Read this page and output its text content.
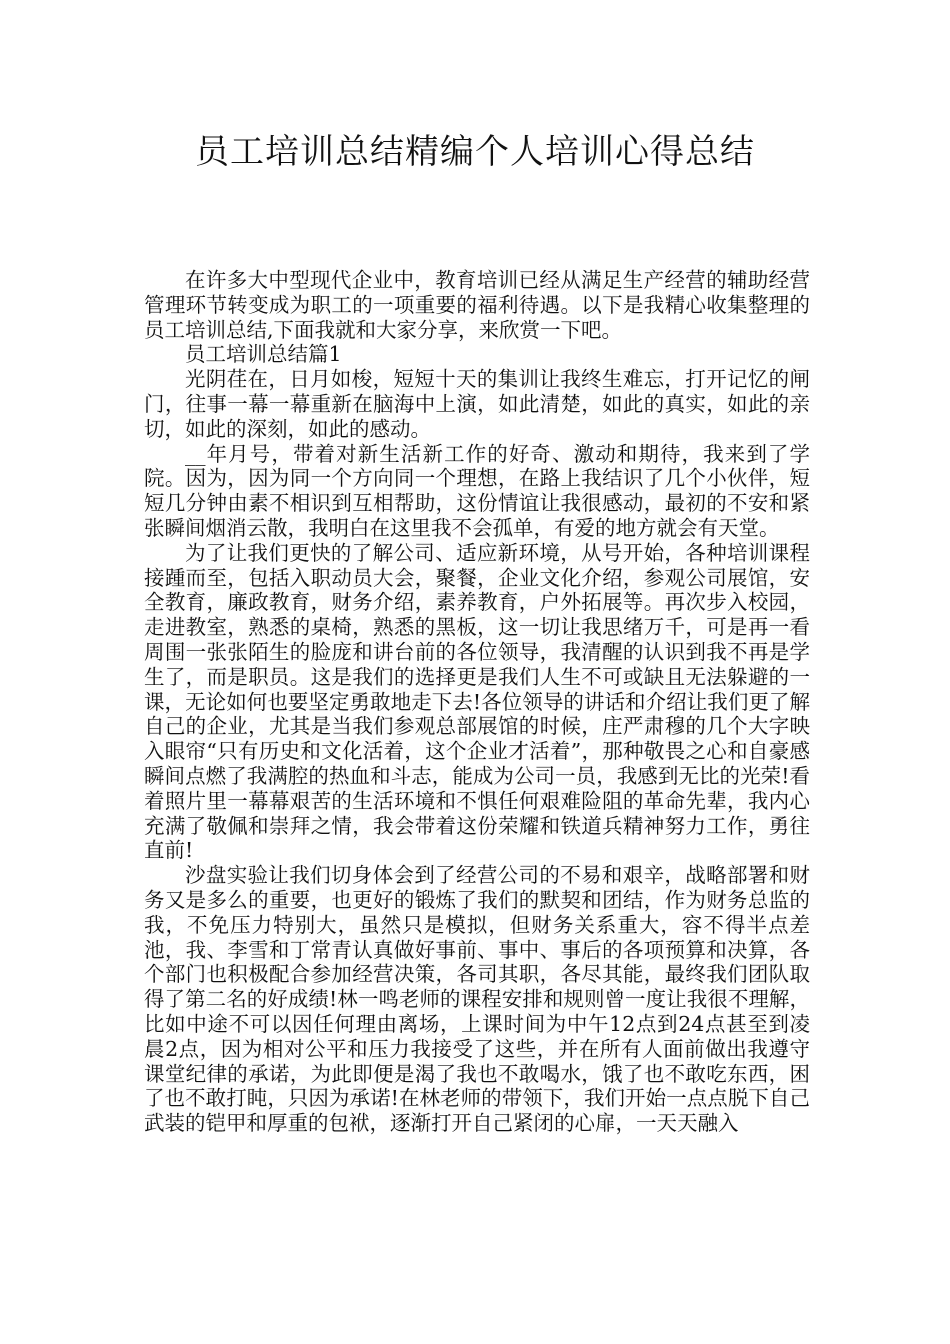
员工培训总结精编个人培训心得总结

在许多大中型现代企业中，教育培训已经从满足生产经营的辅助经营管理环节转变成为职工的一项重要的福利待遇。以下是我精心收集整理的员工培训总结,下面我就和大家分享，来欣赏一下吧。

员工培训总结篇1

光阴荏在，日月如梭，短短十天的集训让我终生难忘，打开记忆的闸门，往事一幕一幕重新在脑海中上演，如此清楚，如此的真实，如此的亲切，如此的深刻，如此的感动。

__年月号，带着对新生活新工作的好奇、激动和期待，我来到了学院。因为，因为同一个方向同一个理想，在路上我结识了几个小伙伴，短短几分钟由素不相识到互相帮助，这份情谊让我很感动，最初的不安和紧张瞬间烟消云散，我明白在这里我不会孤单，有爱的地方就会有天堂。

为了让我们更快的了解公司、适应新环境，从号开始，各种培训课程接踵而至，包括入职动员大会，聚餐，企业文化介绍，参观公司展馆，安全教育，廉政教育，财务介绍，素养教育，户外拓展等。再次步入校园，走进教室，熟悉的桌椅，熟悉的黑板，这一切让我思绪万千，可是再一看周围一张张陌生的脸庞和讲台前的各位领导，我清醒的认识到我不再是学生了，而是职员。这是我们的选择更是我们人生不可或缺且无法躲避的一课，无论如何也要坚定勇敢地走下去!各位领导的讲话和介绍让我们更了解自己的企业，尤其是当我们参观总部展馆的时候，庄严肃穆的几个大字映入眼帘“只有历史和文化活着，这个企业才活着”，那种敬畏之心和自豪感瞬间点燃了我满腔的热血和斗志，能成为公司一员，我感到无比的光荣!看着照片里一幕幕艰苦的生活环境和不惧任何艰难险阻的革命先辈，我内心充满了敬佩和崇拜之情，我会带着这份荣耀和铁道兵精神努力工作，勇往直前!

沙盘实验让我们切身体会到了经营公司的不易和艰辛，战略部署和财务又是多么的重要，也更好的锻炼了我们的默契和团结，作为财务总监的我，不免压力特别大，虽然只是模拟，但财务关系重大，容不得半点差池，我、李雪和丁常青认真做好事前、事中、事后的各项预算和决算，各个部门也积极配合参加经营决策，各司其职，各尽其能，最终我们团队取得了第二名的好成绩!林一鸣老师的课程安排和规则曾一度让我很不理解，比如中途不可以因任何理由离场，上课时间为中午12点到24点甚至到凌晨2点，因为相对公平和压力我接受了这些，并在所有人面前做出我遵守课堂纪律的承诺，为此即便是渴了我也不敢喝水，饿了也不敢吃东西，困了也不敢打盹，只因为承诺!在林老师的带领下，我们开始一点点脱下自己武装的铠甲和厚重的包袱，逐渐打开自己紧闭的心扉，一天天融入
